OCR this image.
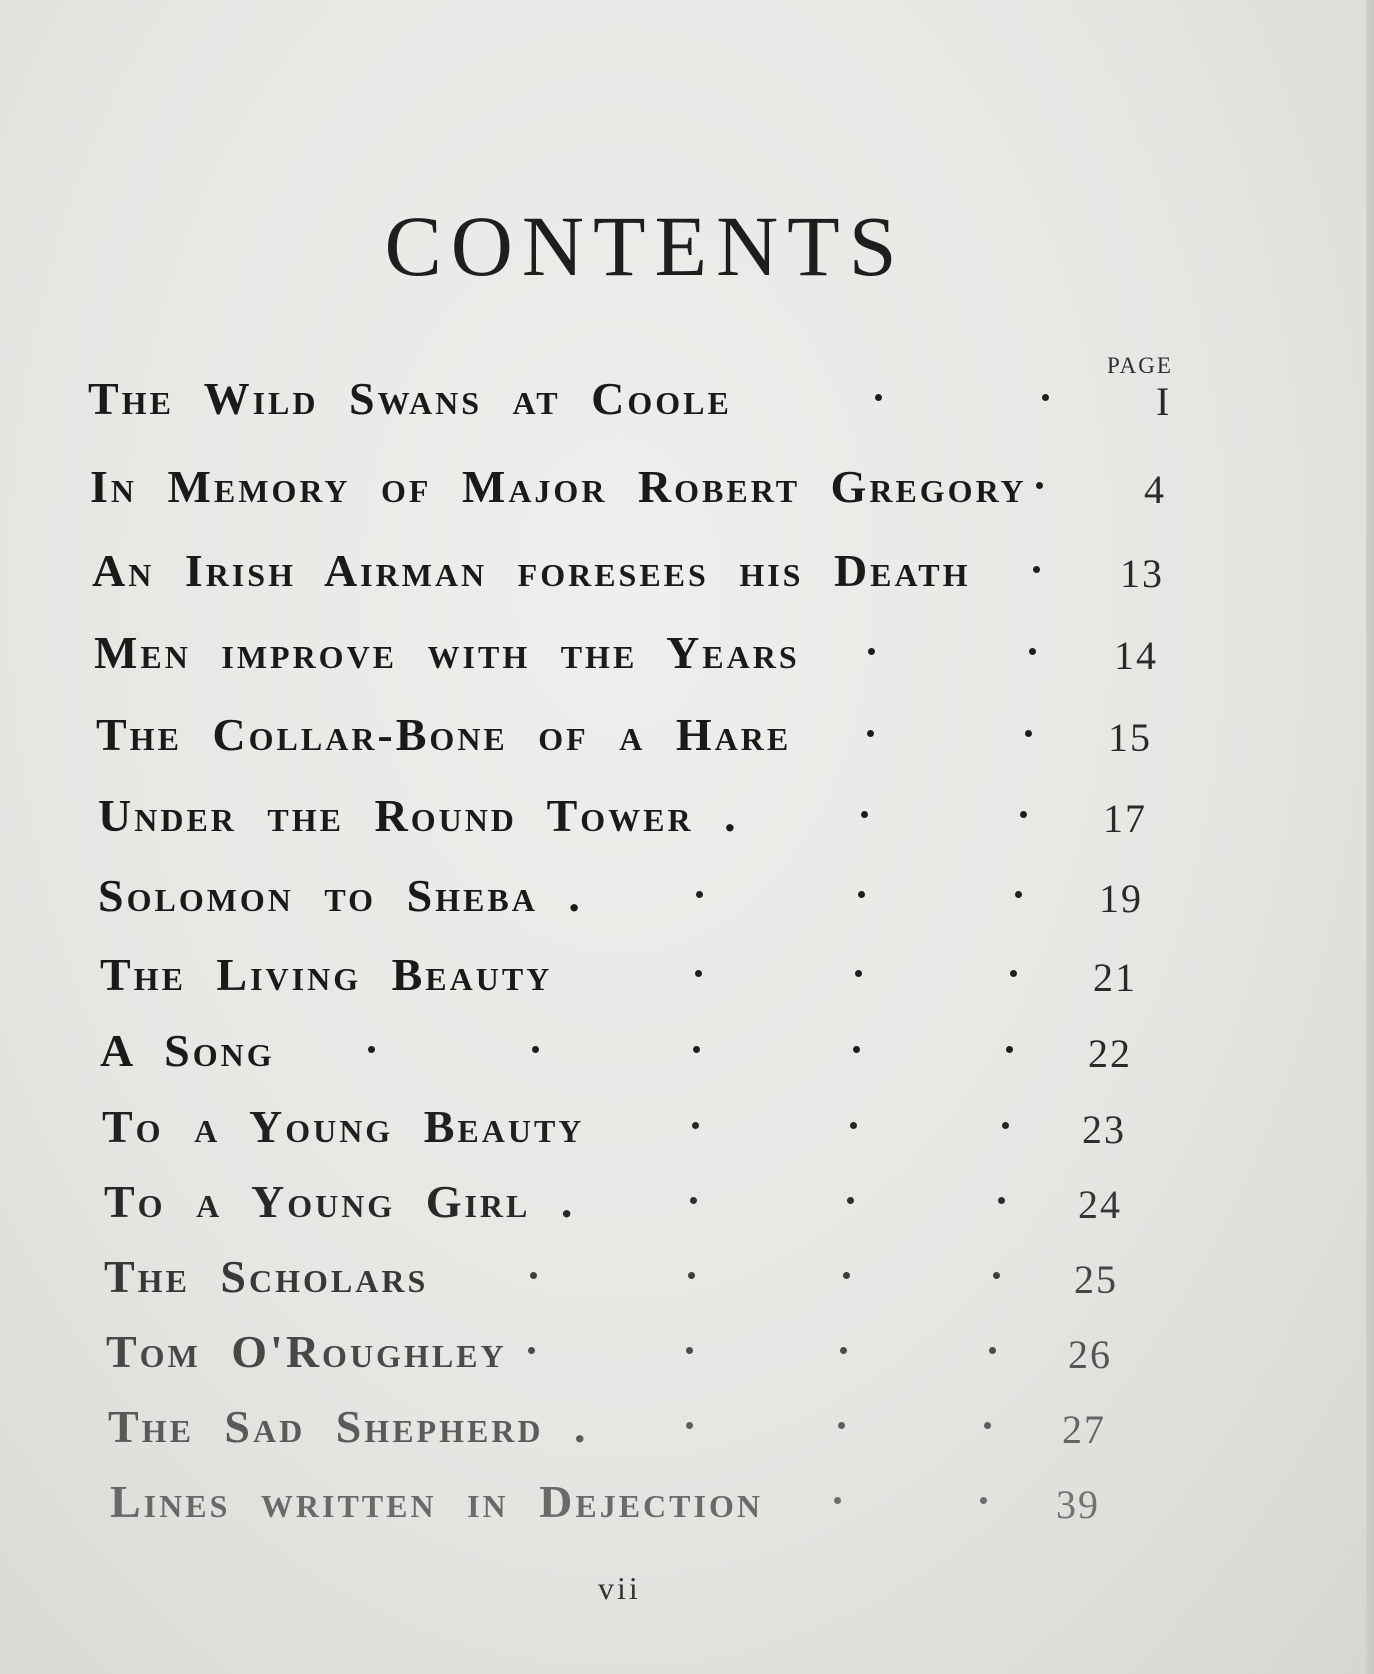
CONTENTS
PAGE
The Wild Swans at Coole	I
In Memory of Major Robert Gregory	4
An Irish Airman foresees his Death	13
Men improve with the Years	14
The Collar-Bone of a Hare	15
Under the Round Tower .	17
Solomon to Sheba .	19
The Living Beauty	21
A Song	22
To a Young Beauty	23
To a Young Girl .	24
The Scholars	25
Tom O'Roughley	26
The Sad Shepherd .	27
Lines written in Dejection	39
vii
